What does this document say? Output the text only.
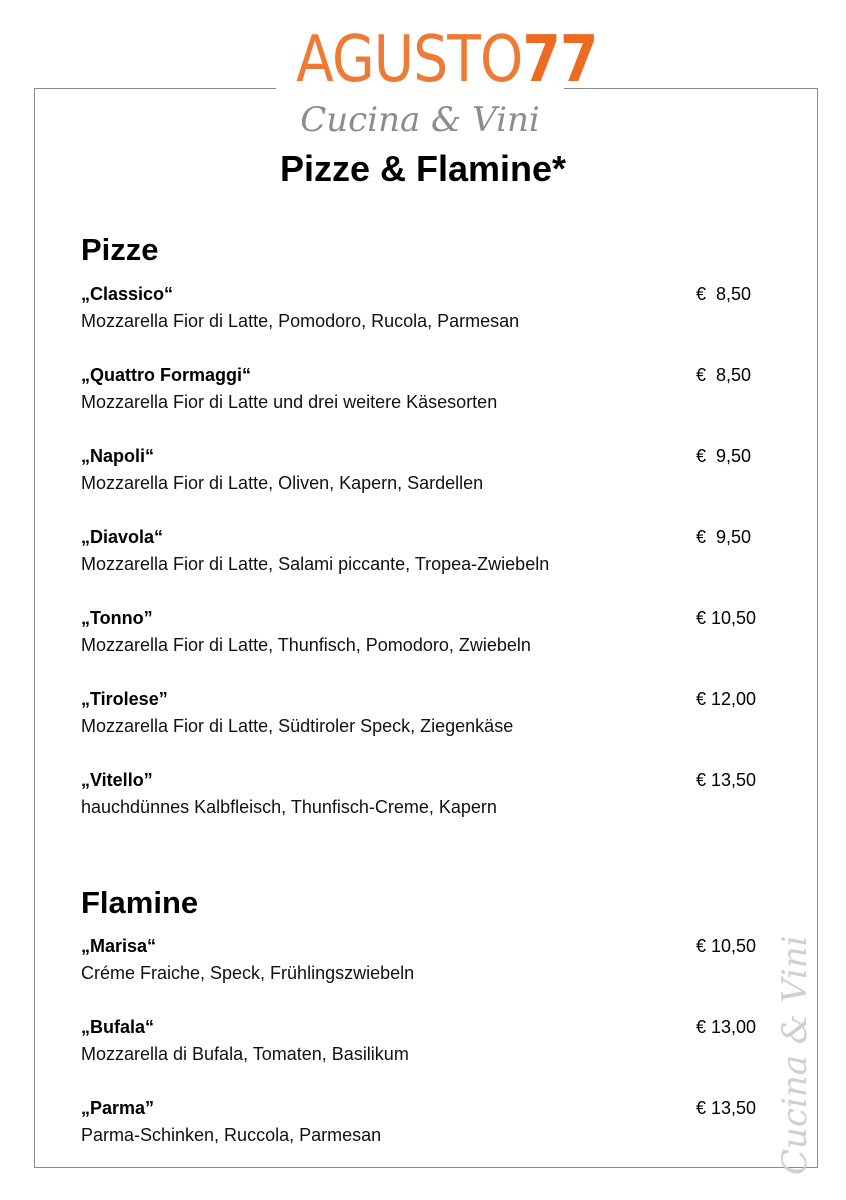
AGUSTO77
Cucina & Vini
Pizze & Flamine*
Pizze
„Classico“
Mozzarella Fior di Latte, Pomodoro, Rucola, Parmesan
€  8,50
„Quattro Formaggi“
Mozzarella Fior di Latte und drei weitere Käsesorten
€  8,50
„Napoli“
Mozzarella Fior di Latte, Oliven, Kapern, Sardellen
€  9,50
„Diavola“
Mozzarella Fior di Latte, Salami piccante, Tropea-Zwiebeln
€  9,50
„Tonno”
Mozzarella Fior di Latte, Thunfisch, Pomodoro, Zwiebeln
€ 10,50
„Tirolese”
Mozzarella Fior di Latte, Südtiroler Speck, Ziegenkäse
€ 12,00
„Vitello”
hauchdünnes Kalbfleisch, Thunfisch-Creme, Kapern
€ 13,50
Flamine
„Marisa“
Créme Fraiche, Speck, Frühlingszwiebeln
€ 10,50
„Bufala“
Mozzarella di Bufala, Tomaten, Basilikum
€ 13,00
„Parma”
Parma-Schinken, Ruccola, Parmesan
€ 13,50 Cucina & Vini
